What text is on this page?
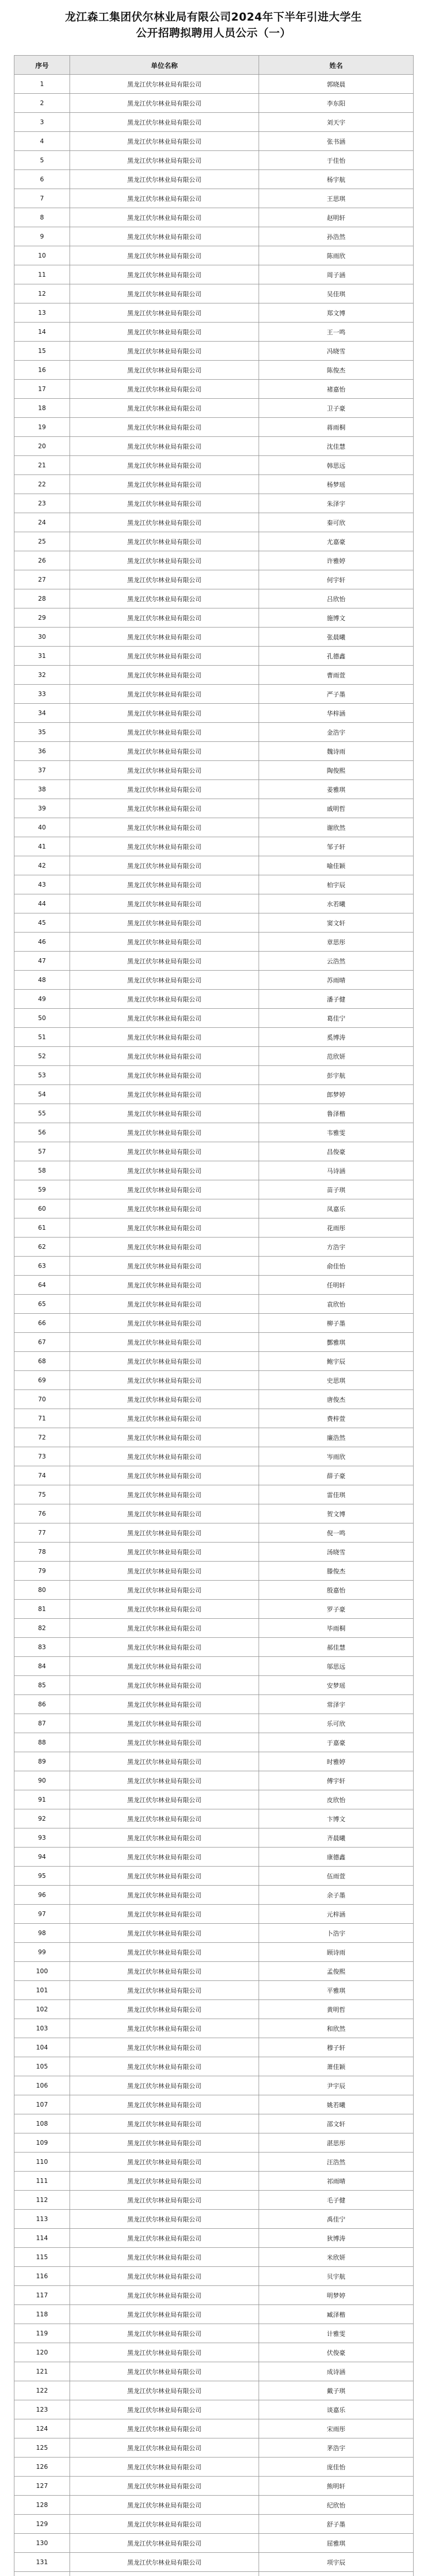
龙江森工集团伏尔林业局有限公司2024年下半年引进大学生
公开招聘拟聘用人员公示（一）
序号	单位名称	姓名
1	黑龙江伏尔林业局有限公司	郭晓晨
2	黑龙江伏尔林业局有限公司	李东阳
3	黑龙江伏尔林业局有限公司	刘天宇
4	黑龙江伏尔林业局有限公司	张书涵
5	黑龙江伏尔林业局有限公司	于佳怡
6	黑龙江伏尔林业局有限公司	杨宇航
7	黑龙江伏尔林业局有限公司	王思琪
8	黑龙江伏尔林业局有限公司	赵明轩
9	黑龙江伏尔林业局有限公司	孙浩然
10	黑龙江伏尔林业局有限公司	陈雨欣
11	黑龙江伏尔林业局有限公司	周子涵
12	黑龙江伏尔林业局有限公司	吴佳琪
13	黑龙江伏尔林业局有限公司	郑文博
14	黑龙江伏尔林业局有限公司	王一鸣
15	黑龙江伏尔林业局有限公司	冯晓雪
16	黑龙江伏尔林业局有限公司	陈俊杰
17	黑龙江伏尔林业局有限公司	褚嘉怡
18	黑龙江伏尔林业局有限公司	卫子豪
19	黑龙江伏尔林业局有限公司	蒋雨桐
20	黑龙江伏尔林业局有限公司	沈佳慧
21	黑龙江伏尔林业局有限公司	韩思远
22	黑龙江伏尔林业局有限公司	杨梦瑶
23	黑龙江伏尔林业局有限公司	朱泽宇
24	黑龙江伏尔林业局有限公司	秦可欣
25	黑龙江伏尔林业局有限公司	尤嘉豪
26	黑龙江伏尔林业局有限公司	许雅婷
27	黑龙江伏尔林业局有限公司	何宇轩
28	黑龙江伏尔林业局有限公司	吕欣怡
29	黑龙江伏尔林业局有限公司	施博文
30	黑龙江伏尔林业局有限公司	张晨曦
31	黑龙江伏尔林业局有限公司	孔德鑫
32	黑龙江伏尔林业局有限公司	曹雨萱
33	黑龙江伏尔林业局有限公司	严子墨
34	黑龙江伏尔林业局有限公司	华梓涵
35	黑龙江伏尔林业局有限公司	金浩宇
36	黑龙江伏尔林业局有限公司	魏诗雨
37	黑龙江伏尔林业局有限公司	陶俊熙
38	黑龙江伏尔林业局有限公司	姜雅琪
39	黑龙江伏尔林业局有限公司	戚明哲
40	黑龙江伏尔林业局有限公司	谢欣然
41	黑龙江伏尔林业局有限公司	邹子轩
42	黑龙江伏尔林业局有限公司	喻佳颖
43	黑龙江伏尔林业局有限公司	柏宇辰
44	黑龙江伏尔林业局有限公司	水若曦
45	黑龙江伏尔林业局有限公司	窦文轩
46	黑龙江伏尔林业局有限公司	章思彤
47	黑龙江伏尔林业局有限公司	云浩然
48	黑龙江伏尔林业局有限公司	苏雨晴
49	黑龙江伏尔林业局有限公司	潘子健
50	黑龙江伏尔林业局有限公司	葛佳宁
51	黑龙江伏尔林业局有限公司	奚博涛
52	黑龙江伏尔林业局有限公司	范欣妍
53	黑龙江伏尔林业局有限公司	彭宇航
54	黑龙江伏尔林业局有限公司	郎梦婷
55	黑龙江伏尔林业局有限公司	鲁泽楷
56	黑龙江伏尔林业局有限公司	韦雅雯
57	黑龙江伏尔林业局有限公司	昌俊豪
58	黑龙江伏尔林业局有限公司	马诗涵
59	黑龙江伏尔林业局有限公司	苗子琪
60	黑龙江伏尔林业局有限公司	凤嘉乐
61	黑龙江伏尔林业局有限公司	花雨彤
62	黑龙江伏尔林业局有限公司	方浩宇
63	黑龙江伏尔林业局有限公司	俞佳怡
64	黑龙江伏尔林业局有限公司	任明轩
65	黑龙江伏尔林业局有限公司	袁欣怡
66	黑龙江伏尔林业局有限公司	柳子墨
67	黑龙江伏尔林业局有限公司	酆雅琪
68	黑龙江伏尔林业局有限公司	鲍宇辰
69	黑龙江伏尔林业局有限公司	史思琪
70	黑龙江伏尔林业局有限公司	唐俊杰
71	黑龙江伏尔林业局有限公司	费梓萱
72	黑龙江伏尔林业局有限公司	廉浩然
73	黑龙江伏尔林业局有限公司	岑雨欣
74	黑龙江伏尔林业局有限公司	薛子豪
75	黑龙江伏尔林业局有限公司	雷佳琪
76	黑龙江伏尔林业局有限公司	贺文博
77	黑龙江伏尔林业局有限公司	倪一鸣
78	黑龙江伏尔林业局有限公司	汤晓雪
79	黑龙江伏尔林业局有限公司	滕俊杰
80	黑龙江伏尔林业局有限公司	殷嘉怡
81	黑龙江伏尔林业局有限公司	罗子豪
82	黑龙江伏尔林业局有限公司	毕雨桐
83	黑龙江伏尔林业局有限公司	郝佳慧
84	黑龙江伏尔林业局有限公司	邬思远
85	黑龙江伏尔林业局有限公司	安梦瑶
86	黑龙江伏尔林业局有限公司	常泽宇
87	黑龙江伏尔林业局有限公司	乐可欣
88	黑龙江伏尔林业局有限公司	于嘉豪
89	黑龙江伏尔林业局有限公司	时雅婷
90	黑龙江伏尔林业局有限公司	傅宇轩
91	黑龙江伏尔林业局有限公司	皮欣怡
92	黑龙江伏尔林业局有限公司	卞博文
93	黑龙江伏尔林业局有限公司	齐晨曦
94	黑龙江伏尔林业局有限公司	康德鑫
95	黑龙江伏尔林业局有限公司	伍雨萱
96	黑龙江伏尔林业局有限公司	余子墨
97	黑龙江伏尔林业局有限公司	元梓涵
98	黑龙江伏尔林业局有限公司	卜浩宇
99	黑龙江伏尔林业局有限公司	顾诗雨
100	黑龙江伏尔林业局有限公司	孟俊熙
101	黑龙江伏尔林业局有限公司	平雅琪
102	黑龙江伏尔林业局有限公司	黄明哲
103	黑龙江伏尔林业局有限公司	和欣然
104	黑龙江伏尔林业局有限公司	穆子轩
105	黑龙江伏尔林业局有限公司	萧佳颖
106	黑龙江伏尔林业局有限公司	尹宇辰
107	黑龙江伏尔林业局有限公司	姚若曦
108	黑龙江伏尔林业局有限公司	邵文轩
109	黑龙江伏尔林业局有限公司	湛思彤
110	黑龙江伏尔林业局有限公司	汪浩然
111	黑龙江伏尔林业局有限公司	祁雨晴
112	黑龙江伏尔林业局有限公司	毛子健
113	黑龙江伏尔林业局有限公司	禹佳宁
114	黑龙江伏尔林业局有限公司	狄博涛
115	黑龙江伏尔林业局有限公司	米欣妍
116	黑龙江伏尔林业局有限公司	贝宇航
117	黑龙江伏尔林业局有限公司	明梦婷
118	黑龙江伏尔林业局有限公司	臧泽楷
119	黑龙江伏尔林业局有限公司	计雅雯
120	黑龙江伏尔林业局有限公司	伏俊豪
121	黑龙江伏尔林业局有限公司	成诗涵
122	黑龙江伏尔林业局有限公司	戴子琪
123	黑龙江伏尔林业局有限公司	谈嘉乐
124	黑龙江伏尔林业局有限公司	宋雨彤
125	黑龙江伏尔林业局有限公司	茅浩宇
126	黑龙江伏尔林业局有限公司	庞佳怡
127	黑龙江伏尔林业局有限公司	熊明轩
128	黑龙江伏尔林业局有限公司	纪欣怡
129	黑龙江伏尔林业局有限公司	舒子墨
130	黑龙江伏尔林业局有限公司	屈雅琪
131	黑龙江伏尔林业局有限公司	项宇辰
